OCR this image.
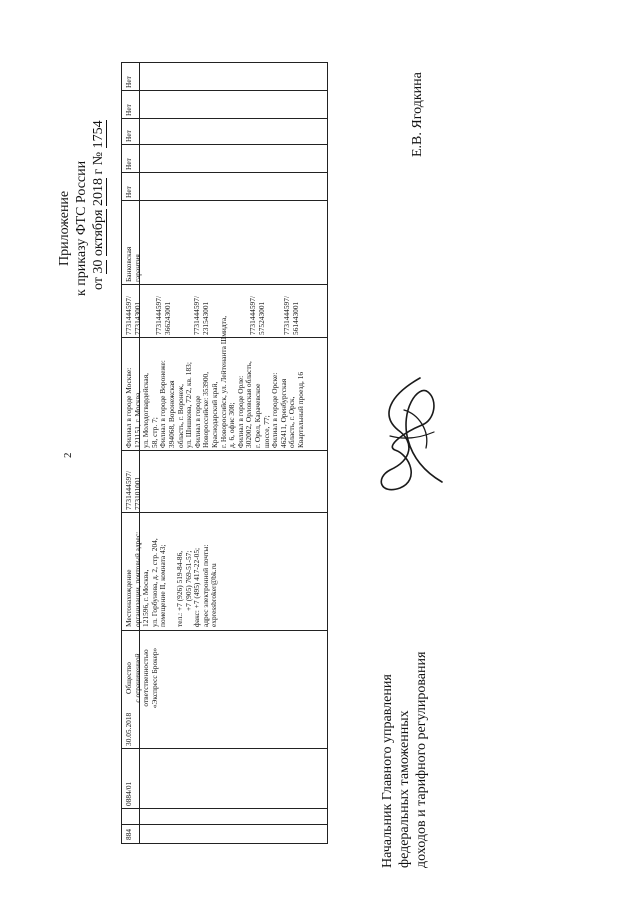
2
Приложение к приказу ФТС России от 30 октября 2018 г № 1754
884
0884/01
30.05.2018
Общество с ограниченной ответственностью «Экспресс Брокер»
Местонахождение организации, почтовый адрес: 121596, г. Москва, ул. Горбунова, д. 2, стр. 204, помещение II, комната 43; тел.: +7 (926) 519-84-86, +7 (905) 769-51-57; факс: +7 (495) 417-22-05; адрес электронной почты: expressbroker@bk.ru
7731444597/ 773101001
Филиал в городе Москве: 121151, г. Москва, ул. Молодогвардейская, 58, стр. 7; Филиал в городе Воронеже: 394068, Воронежская область, г. Воронеж, ул. Шишкова, 72/2, кв. 183; Филиал в городе Новороссийске: 353900, Краснодарский край, г. Новороссийск, ул. Лейтенанта Шмидта, д. 6, офис 308; Филиал в городе Орле: 302002, Орловская область, г. Орел, Карачевское шоссе, 77; Филиал в городе Орске: 462411, Оренбургская область, г. Орск, Квартальный проезд, 16
7731444597/ 773143001 7731444597/ 366243001	7731444597/ 231543001	7731444597/ 575243001 7731444597/ 561443001
Банковская гарантия
Нет
Нет
Нет
Нет
Нет
Начальник Главного управления федеральных таможенных доходов и тарифного регулирования
Е.В. Ягодкина
